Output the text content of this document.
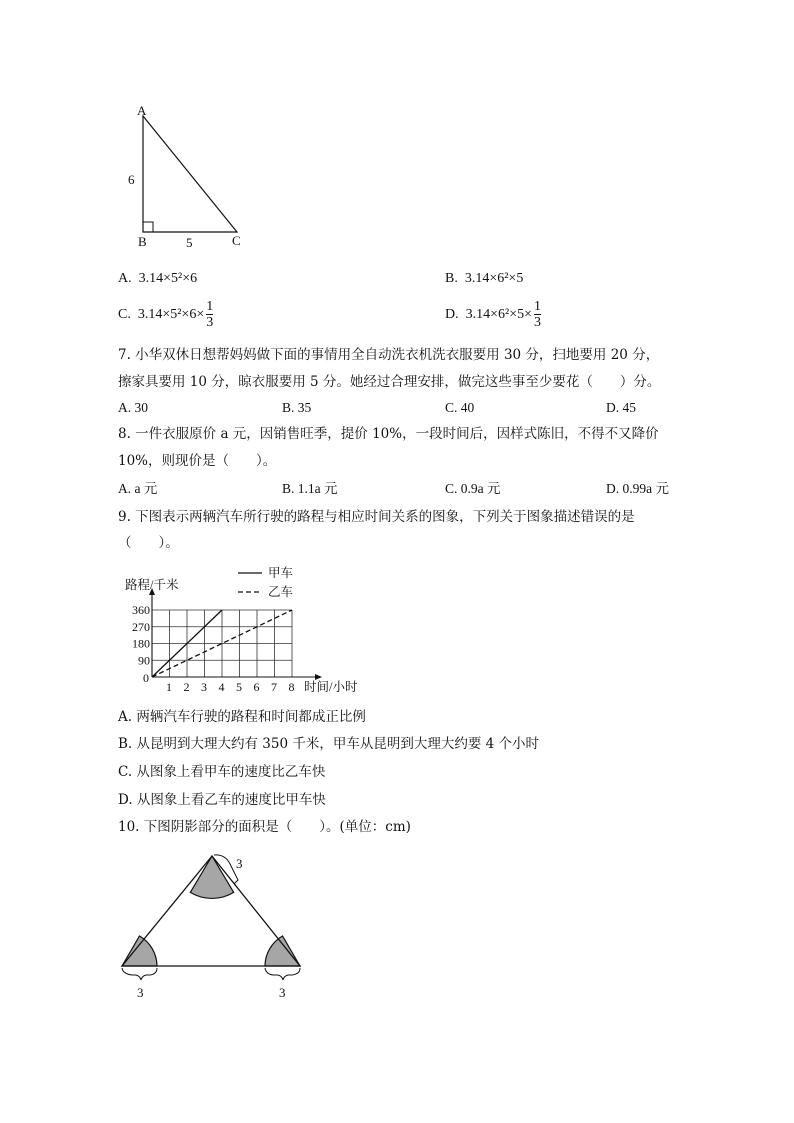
A
B	C
6
5
A. 3.14×5²×6	B. 3.14×6²×5
C. $3.14\times 5^2\times 6\times \frac{1}{3}$	D. $3.14\times 6^2\times 5\times \frac{1}{3}$
7. 小华双休日想帮妈妈做下面的事情用全自动洗衣机洗衣服要用 30 分，扫地要用 20 分，
擦家具要用 10 分，晾衣服要用 5 分。她经过合理安排，做完这些事至少要花（　　）分。
A. 30	B. 35	C. 40	D. 45
8. 一件衣服原价 a 元，因销售旺季，提价 10%，一段时间后，因样式陈旧，不得不又降价
10%，则现价是（　　）。
A. a 元	B. 1.1a 元	C. 0.9a 元	D. 0.99a 元
9. 下图表示两辆汽车所行驶的路程与相应时间关系的图象，下列关于图象描述错误的是
（　　）。
0
1 2 3 4 5 6 7 8
90
180
270
360
甲车
乙车
路程/千米
时间/小时
A. 两辆汽车行驶的路程和时间都成正比例
B. 从昆明到大理大约有 350 千米，甲车从昆明到大理大约要 4 个小时
C. 从图象上看甲车的速度比乙车快
D. 从图象上看乙车的速度比甲车快
10. 下图阴影部分的面积是（　　）。(单位：cm)
3
3	3
